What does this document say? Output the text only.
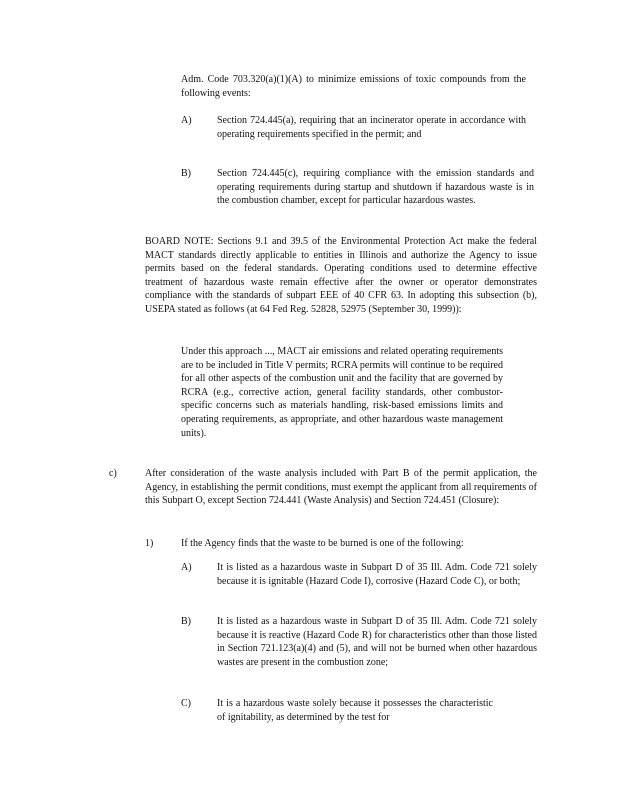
Adm. Code 703.320(a)(1)(A) to minimize emissions of toxic compounds from the following events:
A)	Section 724.445(a), requiring that an incinerator operate in accordance with operating requirements specified in the permit; and
B)	Section 724.445(c), requiring compliance with the emission standards and operating requirements during startup and shutdown if hazardous waste is in the combustion chamber, except for particular hazardous wastes.
BOARD NOTE: Sections 9.1 and 39.5 of the Environmental Protection Act make the federal MACT standards directly applicable to entities in Illinois and authorize the Agency to issue permits based on the federal standards. Operating conditions used to determine effective treatment of hazardous waste remain effective after the owner or operator demonstrates compliance with the standards of subpart EEE of 40 CFR 63. In adopting this subsection (b), USEPA stated as follows (at 64 Fed Reg. 52828, 52975 (September 30, 1999)):
Under this approach ..., MACT air emissions and related operating requirements are to be included in Title V permits; RCRA permits will continue to be required for all other aspects of the combustion unit and the facility that are governed by RCRA (e.g., corrective action, general facility standards, other combustor-specific concerns such as materials handling, risk-based emissions limits and operating requirements, as appropriate, and other hazardous waste management units).
c)	After consideration of the waste analysis included with Part B of the permit application, the Agency, in establishing the permit conditions, must exempt the applicant from all requirements of this Subpart O, except Section 724.441 (Waste Analysis) and Section 724.451 (Closure):
1)	If the Agency finds that the waste to be burned is one of the following:
A)	It is listed as a hazardous waste in Subpart D of 35 Ill. Adm. Code 721 solely because it is ignitable (Hazard Code I), corrosive (Hazard Code C), or both;
B)	It is listed as a hazardous waste in Subpart D of 35 Ill. Adm. Code 721 solely because it is reactive (Hazard Code R) for characteristics other than those listed in Section 721.123(a)(4) and (5), and will not be burned when other hazardous wastes are present in the combustion zone;
C)	It is a hazardous waste solely because it possesses the characteristic of ignitability, as determined by the test for
